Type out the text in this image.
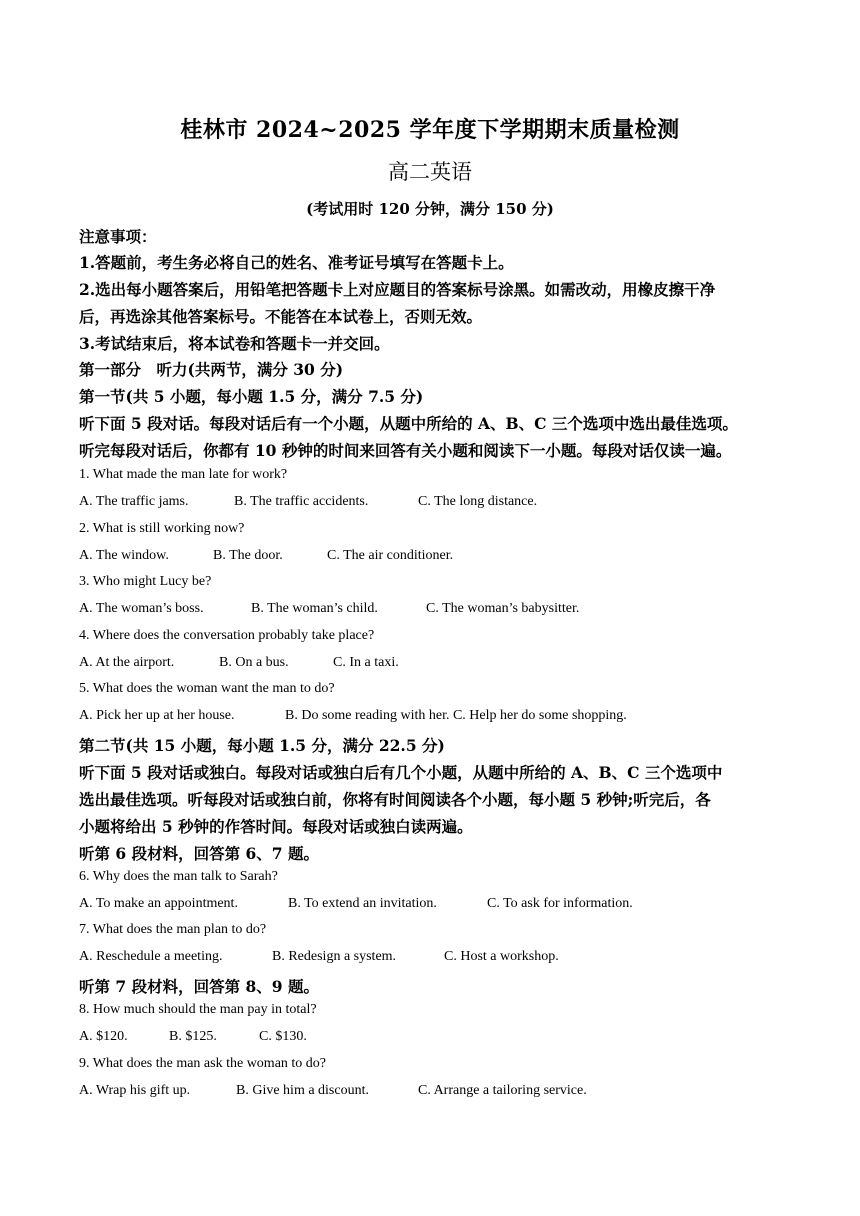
桂林市 2024~2025 学年度下学期期末质量检测
高二英语
(考试用时 120 分钟，满分 150 分)
注意事项：
1.答题前，考生务必将自己的姓名、准考证号填写在答题卡上。
2.选出每小题答案后，用铅笔把答题卡上对应题目的答案标号涂黑。如需改动，用橡皮擦干净
后，再选涂其他答案标号。不能答在本试卷上，否则无效。
3.考试结束后，将本试卷和答题卡一并交回。
第一部分　听力(共两节，满分 30 分)
第一节(共 5 小题，每小题 1.5 分，满分 7.5 分)
听下面 5 段对话。每段对话后有一个小题，从题中所给的 A、B、C 三个选项中选出最佳选项。
听完每段对话后，你都有 10 秒钟的时间来回答有关小题和阅读下一小题。每段对话仅读一遍。
1. What made the man late for work?
A. The traffic jams.	B. The traffic accidents.	C. The long distance.
2. What is still working now?
A. The window.	B. The door.	C. The air conditioner.
3. Who might Lucy be?
A. The woman’s boss.	B. The woman’s child.	C. The woman’s babysitter.
4. Where does the conversation probably take place?
A. At the airport.	B. On a bus.	C. In a taxi.
5. What does the woman want the man to do?
A. Pick her up at her house.	B. Do some reading with her. C. Help her do some shopping.
第二节(共 15 小题，每小题 1.5 分，满分 22.5 分)
听下面 5 段对话或独白。每段对话或独白后有几个小题，从题中所给的 A、B、C 三个选项中
选出最佳选项。听每段对话或独白前，你将有时间阅读各个小题，每小题 5 秒钟;听完后，各
小题将给出 5 秒钟的作答时间。每段对话或独白读两遍。
听第 6 段材料，回答第 6、7 题。
6. Why does the man talk to Sarah?
A. To make an appointment.	B. To extend an invitation.	C. To ask for information.
7. What does the man plan to do?
A. Reschedule a meeting.	B. Redesign a system.	C. Host a workshop.
听第 7 段材料，回答第 8、9 题。
8. How much should the man pay in total?
A. $120.	B. $125.	C. $130.
9. What does the man ask the woman to do?
A. Wrap his gift up.	B. Give him a discount.	C. Arrange a tailoring service.
